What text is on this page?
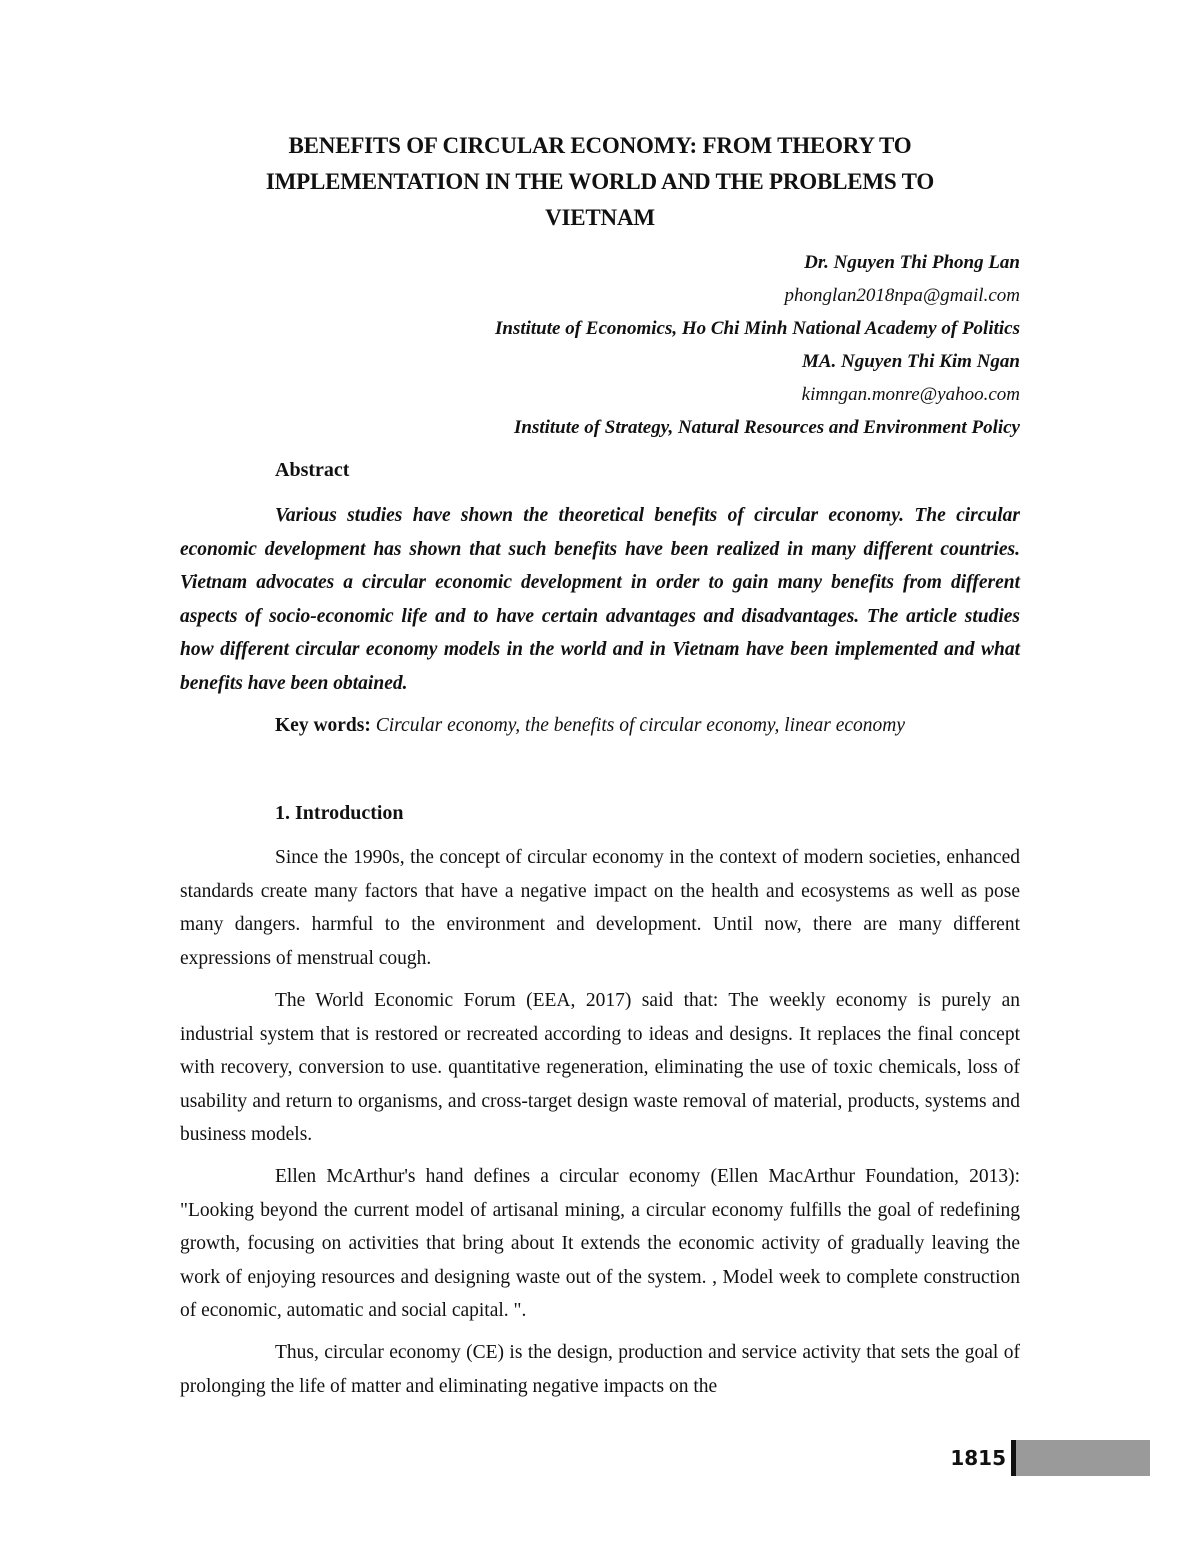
BENEFITS OF CIRCULAR ECONOMY: FROM THEORY TO
IMPLEMENTATION IN THE WORLD AND THE PROBLEMS TO
VIETNAM
Dr. Nguyen Thi Phong Lan
phonglan2018npa@gmail.com
Institute of Economics, Ho Chi Minh National Academy of Politics
MA. Nguyen Thi Kim Ngan
kimngan.monre@yahoo.com
Institute of Strategy, Natural Resources and Environment Policy
Abstract
Various studies have shown the theoretical benefits of circular economy. The circular economic development has shown that such benefits have been realized in many different countries. Vietnam advocates a circular economic development in order to gain many benefits from different aspects of socio-economic life and to have certain advantages and disadvantages. The article studies how different circular economy models in the world and in Vietnam have been implemented and what benefits have been obtained.
Key words: Circular economy, the benefits of circular economy, linear economy
1. Introduction
Since the 1990s, the concept of circular economy in the context of modern societies, enhanced standards create many factors that have a negative impact on the health and ecosystems as well as pose many dangers. harmful to the environment and development. Until now, there are many different expressions of menstrual cough.
The World Economic Forum (EEA, 2017) said that: The weekly economy is purely an industrial system that is restored or recreated according to ideas and designs. It replaces the final concept with recovery, conversion to use. quantitative regeneration, eliminating the use of toxic chemicals, loss of usability and return to organisms, and cross-target design waste removal of material, products, systems and business models.
Ellen McArthur's hand defines a circular economy (Ellen MacArthur Foundation, 2013): "Looking beyond the current model of artisanal mining, a circular economy fulfills the goal of redefining growth, focusing on activities that bring about It extends the economic activity of gradually leaving the work of enjoying resources and designing waste out of the system. , Model week to complete construction of economic, automatic and social capital. ".
Thus, circular economy (CE) is the design, production and service activity that sets the goal of prolonging the life of matter and eliminating negative impacts on the
1815
